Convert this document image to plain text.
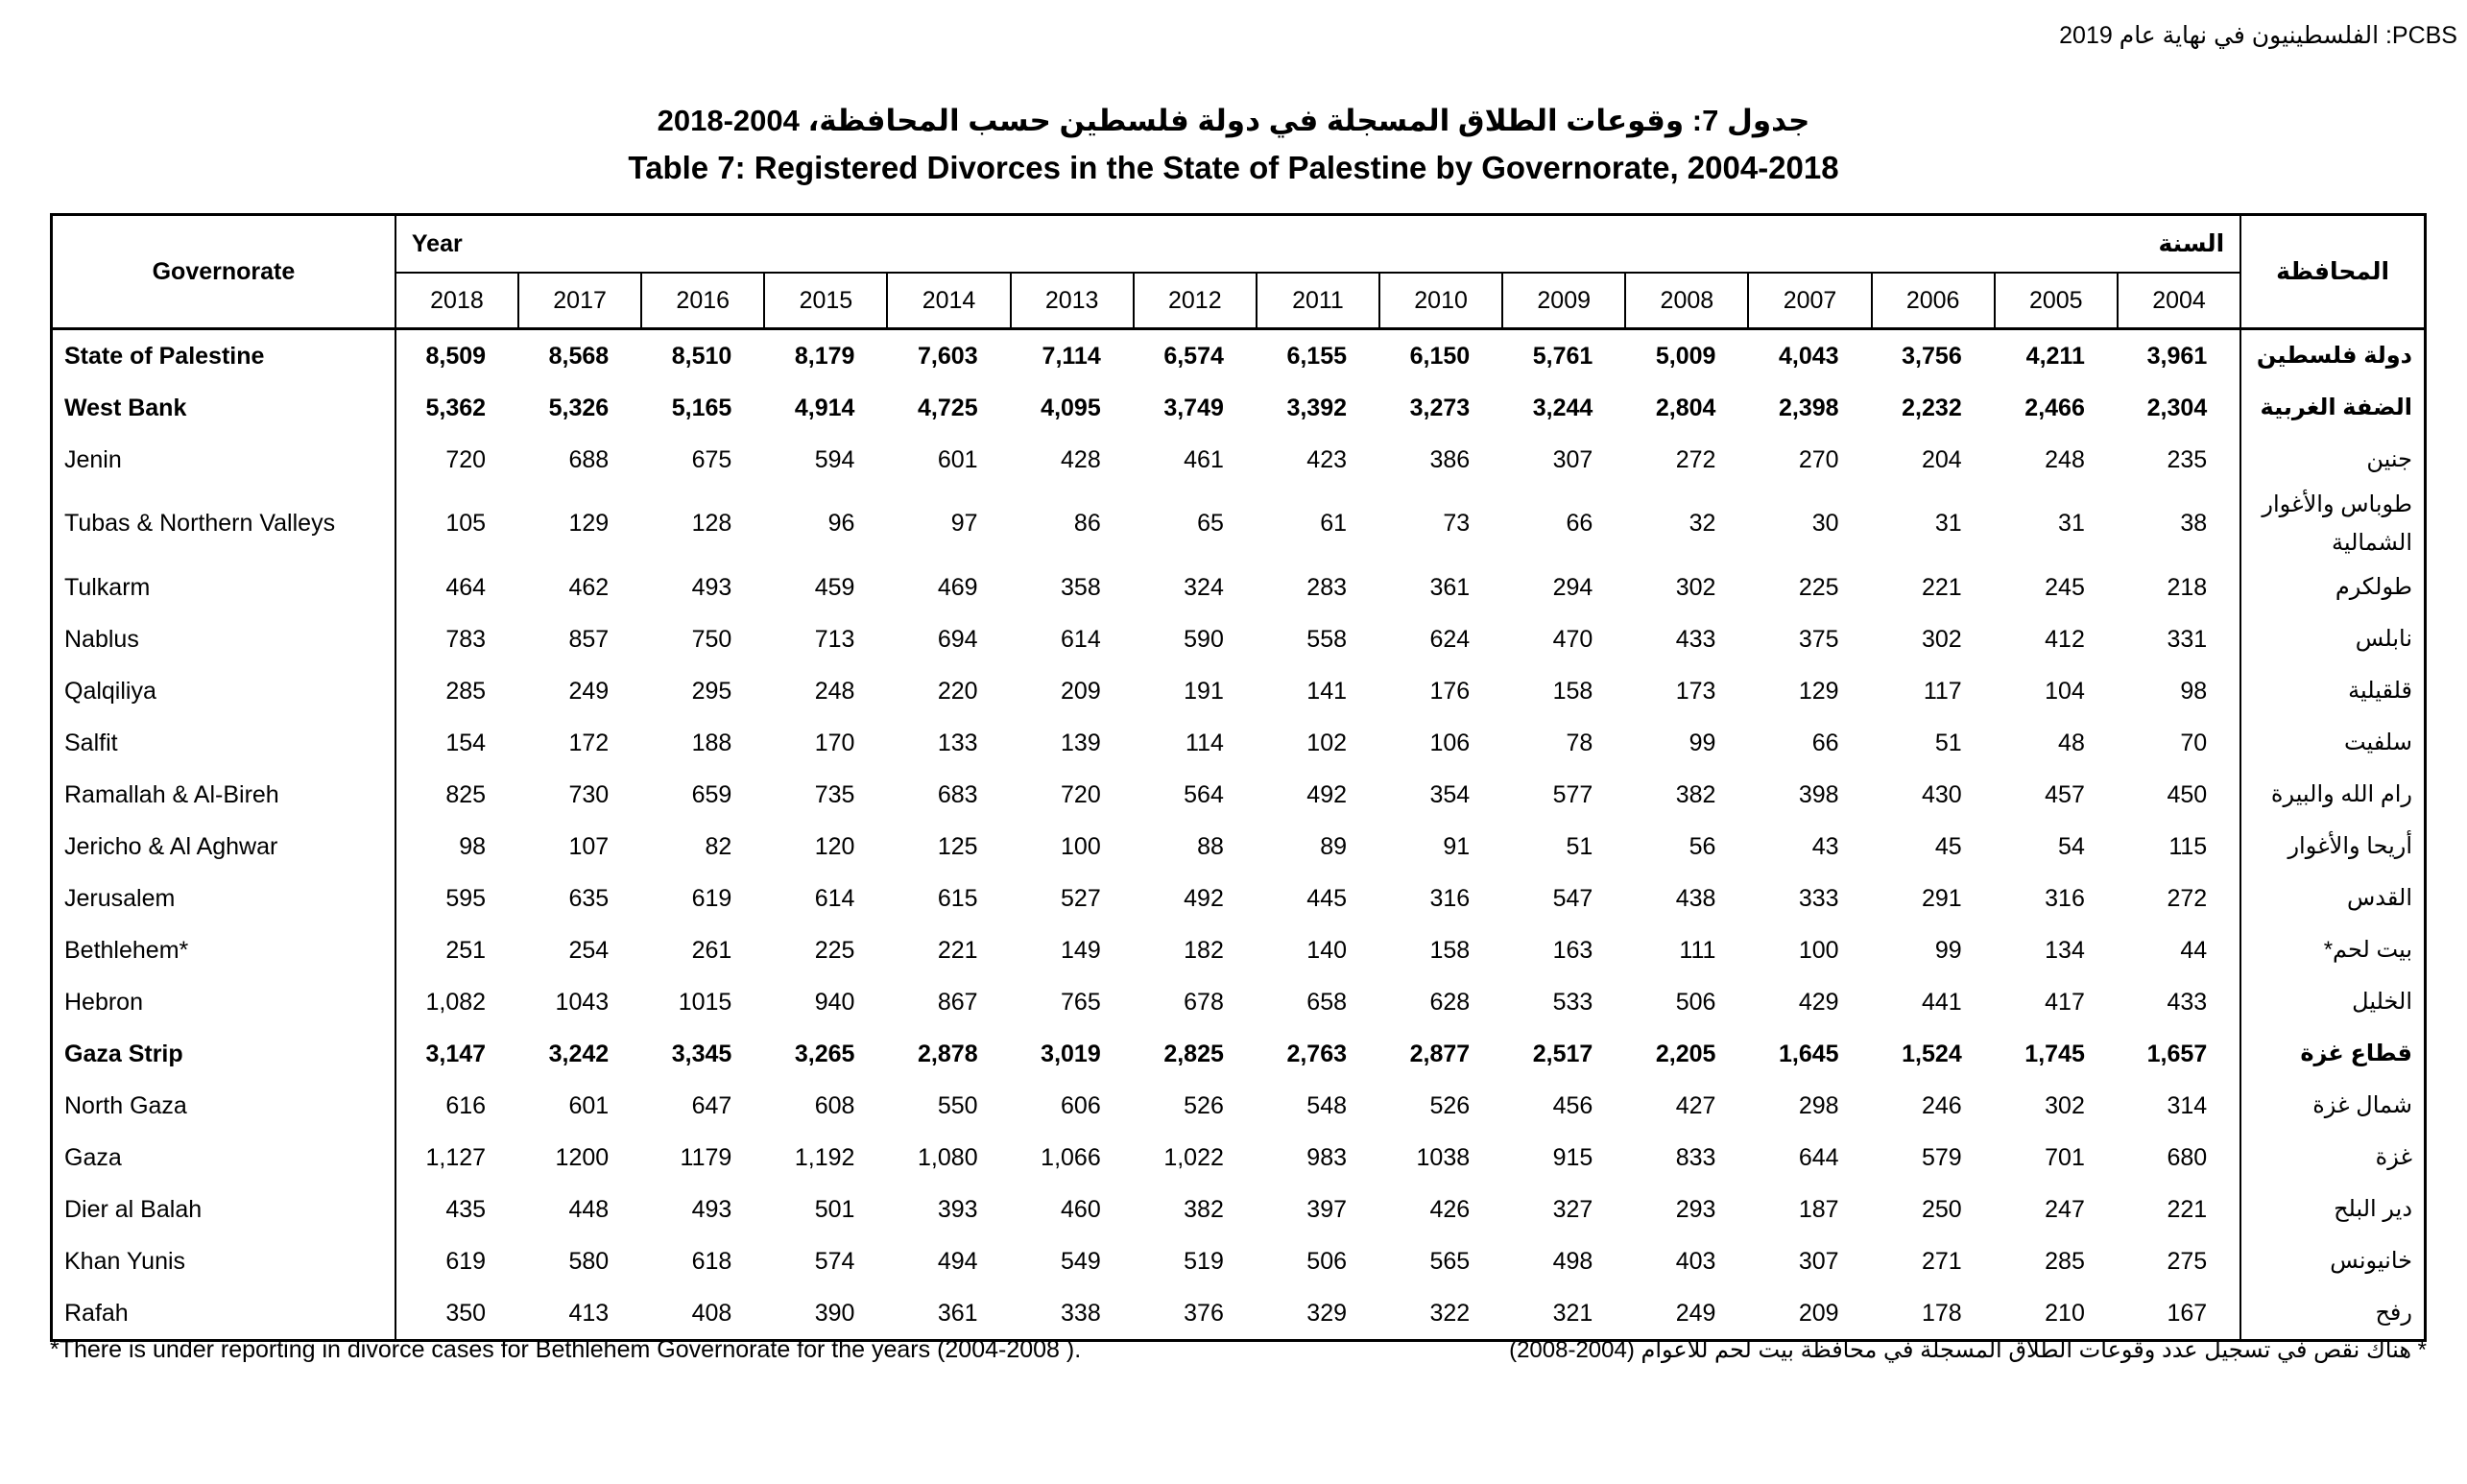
PCBS: الفلسطينيون في نهاية عام 2019
جدول 7: وقوعات الطلاق المسجلة في دولة فلسطين حسب المحافظة، 2004-2018
Table 7: Registered Divorces in the State of Palestine by Governorate, 2004-2018
Governorate	Year السنة															المحافظة
	2018	2017	2016	2015	2014	2013	2012	2011	2010	2009	2008	2007	2006	2005	2004	
State of Palestine	8,509	8,568	8,510	8,179	7,603	7,114	6,574	6,155	6,150	5,761	5,009	4,043	3,756	4,211	3,961	دولة فلسطين
West Bank	5,362	5,326	5,165	4,914	4,725	4,095	3,749	3,392	3,273	3,244	2,804	2,398	2,232	2,466	2,304	الضفة الغربية
Jenin	720	688	675	594	601	428	461	423	386	307	272	270	204	248	235	جنين
Tubas & Northern Valleys	105	129	128	96	97	86	65	61	73	66	32	30	31	31	38	طوباس والأغوار الشمالية
Tulkarm	464	462	493	459	469	358	324	283	361	294	302	225	221	245	218	طولكرم
Nablus	783	857	750	713	694	614	590	558	624	470	433	375	302	412	331	نابلس
Qalqiliya	285	249	295	248	220	209	191	141	176	158	173	129	117	104	98	قلقيلية
Salfit	154	172	188	170	133	139	114	102	106	78	99	66	51	48	70	سلفيت
Ramallah & Al-Bireh	825	730	659	735	683	720	564	492	354	577	382	398	430	457	450	رام الله والبيرة
Jericho & Al Aghwar	98	107	82	120	125	100	88	89	91	51	56	43	45	54	115	أريحا والأغوار
Jerusalem	595	635	619	614	615	527	492	445	316	547	438	333	291	316	272	القدس
Bethlehem*	251	254	261	225	221	149	182	140	158	163	111	100	99	134	44	بيت لحم*
Hebron	1,082	1043	1015	940	867	765	678	658	628	533	506	429	441	417	433	الخليل
Gaza Strip	3,147	3,242	3,345	3,265	2,878	3,019	2,825	2,763	2,877	2,517	2,205	1,645	1,524	1,745	1,657	قطاع غزة
North Gaza	616	601	647	608	550	606	526	548	526	456	427	298	246	302	314	شمال غزة
Gaza	1,127	1200	1179	1,192	1,080	1,066	1,022	983	1038	915	833	644	579	701	680	غزة
Dier al Balah	435	448	493	501	393	460	382	397	426	327	293	187	250	247	221	دير البلح
Khan Yunis	619	580	618	574	494	549	519	506	565	498	403	307	271	285	275	خانيونس
Rafah	350	413	408	390	361	338	376	329	322	321	249	209	178	210	167	رفح
*There is under reporting in divorce cases for Bethlehem Governorate for the years (2004-2008 ).	* هناك نقص في تسجيل عدد وقوعات الطلاق المسجلة في محافظة بيت لحم للاعوام (2004-2008)
